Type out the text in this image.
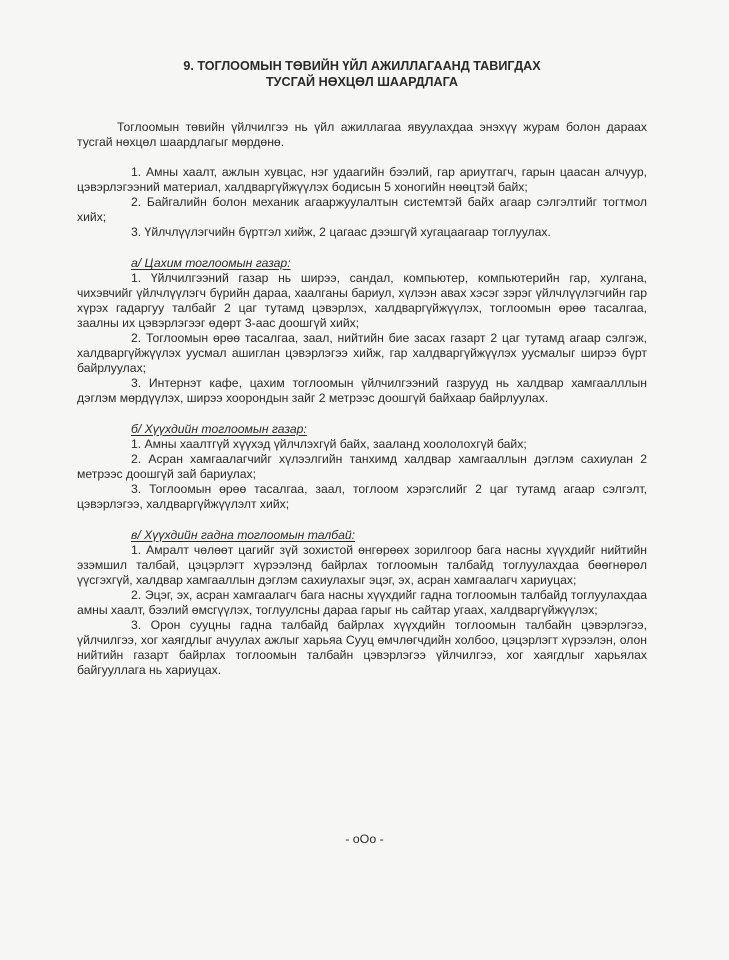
9. ТОГЛООМЫН ТӨВИЙН ҮЙЛ АЖИЛЛАГААНД ТАВИГДАХ
ТУСГАЙ НӨХЦӨЛ ШААРДЛАГА

Тоглоомын төвийн үйлчилгээ нь үйл ажиллагаа явуулахдаа энэхүү журам болон дараах тусгай нөхцөл шаардлагыг мөрдөнө.

1. Амны хаалт, ажлын хувцас, нэг удаагийн бээлий, гар ариутгагч, гарын цаасан алчуур, цэвэрлэгээний материал, халдваргүйжүүлэх бодисын 5 хоногийн нөөцтэй байх;

2. Байгалийн болон механик агааржуулалтын системтэй байх агаар сэлгэлтийг тогтмол хийх;

3. Үйлчлүүлэгчийн бүртгэл хийж, 2 цагаас дээшгүй хугацаагаар тоглуулах.

а/ Цахим тоглоомын газар:

1. Үйлчилгээний газар нь ширээ, сандал, компьютер, компьютерийн гар, хулгана, чихэвчийг үйлчлүүлэгч бүрийн дараа, хаалганы бариул, хүлээн авах хэсэг зэрэг үйлчлүүлэгчийн гар хүрэх гадаргуу талбайг 2 цаг тутамд цэвэрлэх, халдваргүйжүүлэх, тоглоомын өрөө тасалгаа, заалны их цэвэрлэгээг өдөрт 3-аас доошгүй хийх;

2. Тоглоомын өрөө тасалгаа, заал, нийтийн бие засах газарт 2 цаг тутамд агаар сэлгэж, халдваргүйжүүлэх уусмал ашиглан цэвэрлэгээ хийж, гар халдваргүйжүүлэх уусмалыг ширээ бүрт байрлуулах;

3. Интернэт кафе, цахим тоглоомын үйлчилгээний газрууд нь халдвар хамгаалллын дэглэм мөрдүүлэх, ширээ хоорондын зайг 2 метрээс доошгүй байхаар байрлуулах.

б/ Хүүхдийн тоглоомын газар:

1. Амны хаалтгүй хүүхэд үйлчлэхгүй байх, зааланд хоололохгүй байх;

2. Асран хамгаалагчийг хүлээлгийн танхимд халдвар хамгааллын дэглэм сахиулан 2 метрээс доошгүй зай бариулах;

3. Тоглоомын өрөө тасалгаа, заал, тоглоом хэрэгслийг 2 цаг тутамд агаар сэлгэлт, цэвэрлэгээ, халдваргүйжүүлэлт хийх;

в/ Хүүхдийн гадна тоглоомын талбай:

1. Амралт чөлөөт цагийг зүй зохистой өнгөрөөх зорилгоор бага насны хүүхдийг нийтийн эзэмшил талбай, цэцэрлэгт хүрээлэнд байрлах тоглоомын талбайд тоглуулахдаа бөөгнөрөл үүсгэхгүй, халдвар хамгааллын дэглэм сахиулахыг эцэг, эх, асран хамгаалагч хариуцах;

2. Эцэг, эх, асран хамгаалагч бага насны хүүхдийг гадна тоглоомын талбайд тоглуулахдаа амны хаалт, бээлий өмсгүүлэх, тоглуулсны дараа гарыг нь сайтар угаах, халдваргүйжүүлэх;

3. Орон сууцны гадна талбайд байрлах хүүхдийн тоглоомын талбайн цэвэрлэгээ, үйлчилгээ, хог хаягдлыг ачуулах ажлыг харьяа Сууц өмчлөгчдийн холбоо, цэцэрлэгт хүрээлэн, олон нийтийн газарт байрлах тоглоомын талбайн цэвэрлэгээ үйлчилгээ, хог хаягдлыг харьялах байгууллага нь хариуцах.

- оОо -
